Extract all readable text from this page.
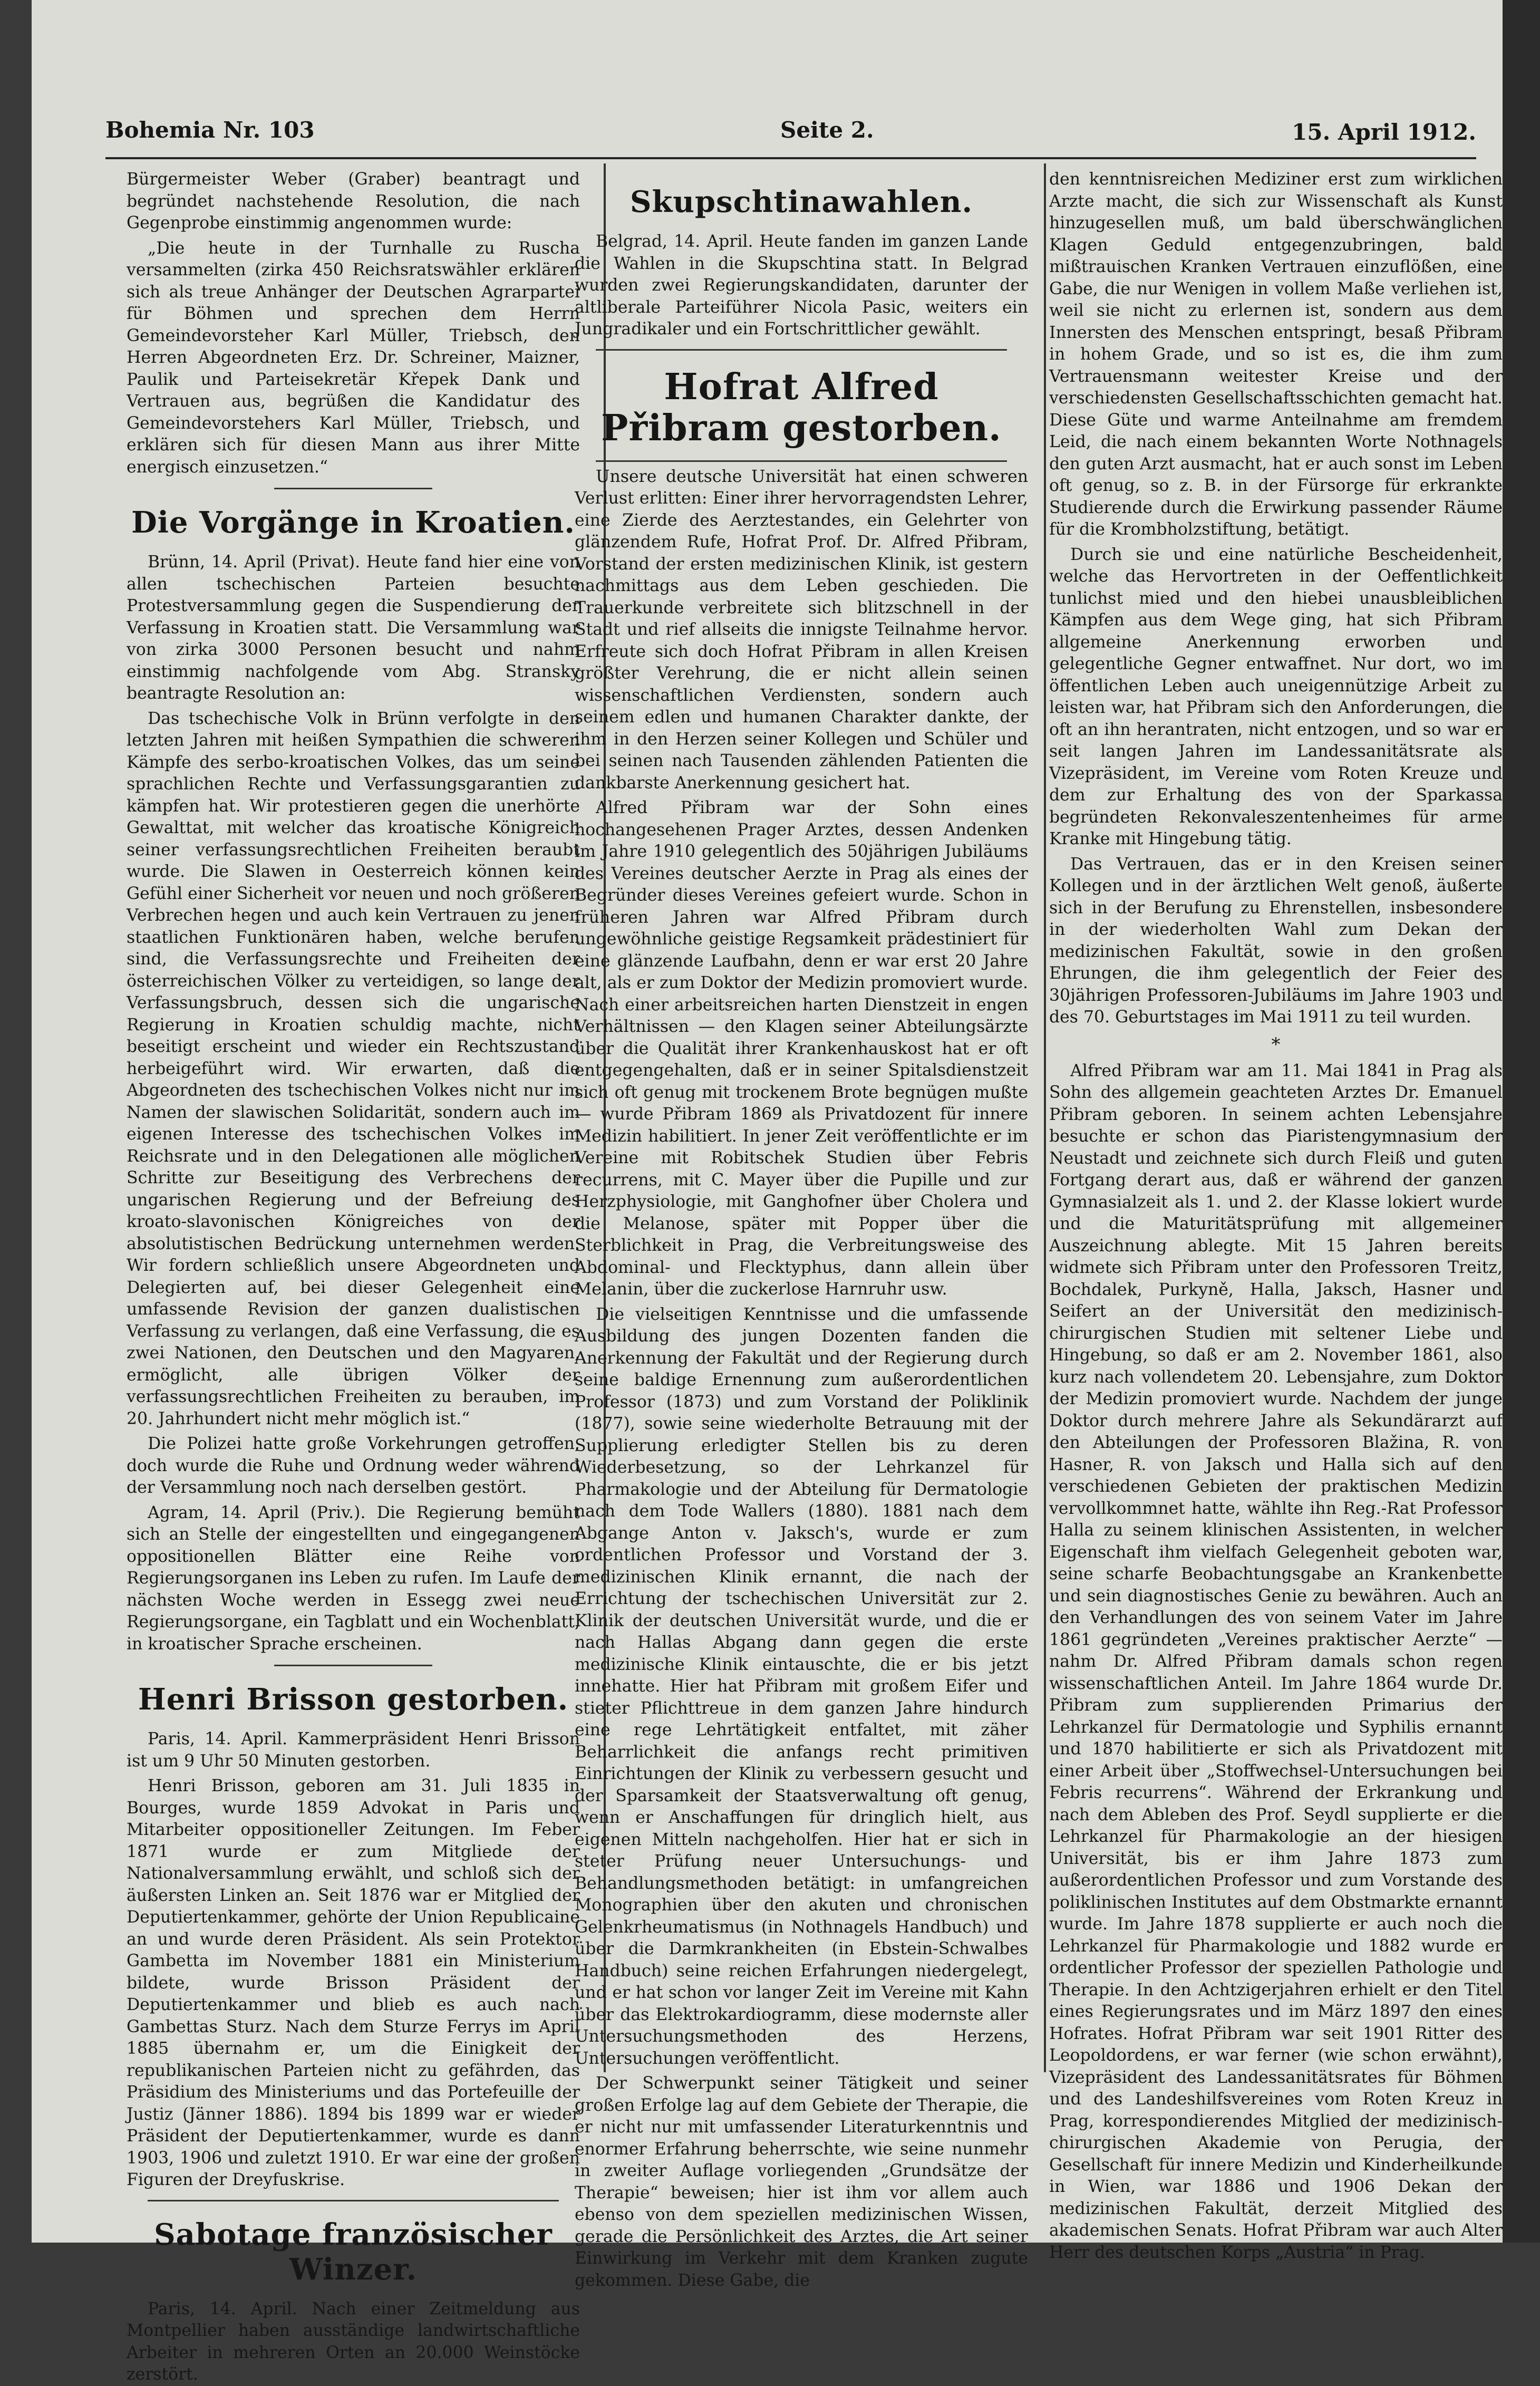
Bohemia Nr. 103	Seite 2.	15. April 1912.

Bürgermeister Weber (Graber) beantragt und begründet nachstehende Resolution, die nach Gegenprobe einstimmig angenommen wurde:

„Die heute in der Turnhalle zu Ruscha versammelten (zirka 450 Reichsratswähler erklären sich als treue Anhänger der Deutschen Agrarpartei für Böhmen und sprechen dem Herrn Gemeindevorsteher Karl Müller, Triebsch, den Herren Abgeordneten Erz. Dr. Schreiner, Maizner, Paulik und Parteisekretär Křepek Dank und Vertrauen aus, begrüßen die Kandidatur des Gemeindevorstehers Karl Müller, Triebsch, und erklären sich für diesen Mann aus ihrer Mitte energisch einzusetzen.“

Die Vorgänge in Kroatien.

Brünn, 14. April (Privat). Heute fand hier eine von allen tschechischen Parteien besuchte Protestversammlung gegen die Suspendierung der Verfassung in Kroatien statt. Die Versammlung war von zirka 3000 Personen besucht und nahm einstimmig nachfolgende vom Abg. Stransky beantragte Resolution an:

Das tschechische Volk in Brünn verfolgte in den letzten Jahren mit heißen Sympathien die schweren Kämpfe des serbo-kroatischen Volkes, das um seine sprachlichen Rechte und Verfassungsgarantien zu kämpfen hat. Wir protestieren gegen die unerhörte Gewalttat, mit welcher das kroatische Königreich seiner verfassungsrechtlichen Freiheiten beraubt wurde. Die Slawen in Oesterreich können kein Gefühl einer Sicherheit vor neuen und noch größeren Verbrechen hegen und auch kein Vertrauen zu jenen staatlichen Funktionären haben, welche berufen sind, die Verfassungsrechte und Freiheiten der österreichischen Völker zu verteidigen, so lange der Verfassungsbruch, dessen sich die ungarische Regierung in Kroatien schuldig machte, nicht beseitigt erscheint und wieder ein Rechtszustand herbeigeführt wird. Wir erwarten, daß die Abgeordneten des tschechischen Volkes nicht nur im Namen der slawischen Solidarität, sondern auch im eigenen Interesse des tschechischen Volkes im Reichsrate und in den Delegationen alle möglichen Schritte zur Beseitigung des Verbrechens der ungarischen Regierung und der Befreiung des kroato-slavonischen Königreiches von der absolutistischen Bedrückung unternehmen werden. Wir fordern schließlich unsere Abgeordneten und Delegierten auf, bei dieser Gelegenheit eine umfassende Revision der ganzen dualistischen Verfassung zu verlangen, daß eine Verfassung, die es zwei Nationen, den Deutschen und den Magyaren, ermöglicht, alle übrigen Völker der verfassungsrechtlichen Freiheiten zu berauben, im 20. Jahrhundert nicht mehr möglich ist.“

Die Polizei hatte große Vorkehrungen getroffen, doch wurde die Ruhe und Ordnung weder während der Versammlung noch nach derselben gestört.

Agram, 14. April (Priv.). Die Regierung bemüht sich an Stelle der eingestellten und eingegangenen oppositionellen Blätter eine Reihe von Regierungsorganen ins Leben zu rufen. Im Laufe der nächsten Woche werden in Essegg zwei neue Regierungsorgane, ein Tagblatt und ein Wochenblatt, in kroatischer Sprache erscheinen.

Henri Brisson gestorben.

Paris, 14. April. Kammerpräsident Henri Brisson ist um 9 Uhr 50 Minuten gestorben.

Henri Brisson, geboren am 31. Juli 1835 in Bourges, wurde 1859 Advokat in Paris und Mitarbeiter oppositioneller Zeitungen. Im Feber 1871 wurde er zum Mitgliede der Nationalversammlung erwählt, und schloß sich der äußersten Linken an. Seit 1876 war er Mitglied der Deputiertenkammer, gehörte der Union Republicaine an und wurde deren Präsident. Als sein Protektor Gambetta im November 1881 ein Ministerium bildete, wurde Brisson Präsident der Deputiertenkammer und blieb es auch nach Gambettas Sturz. Nach dem Sturze Ferrys im April 1885 übernahm er, um die Einigkeit der republikanischen Parteien nicht zu gefährden, das Präsidium des Ministeriums und das Portefeuille der Justiz (Jänner 1886). 1894 bis 1899 war er wieder Präsident der Deputiertenkammer, wurde es dann 1903, 1906 und zuletzt 1910. Er war eine der großen Figuren der Dreyfuskrise.

Sabotage französischer Winzer.

Paris, 14. April. Nach einer Zeitmeldung aus Montpellier haben ausständige landwirtschaftliche Arbeiter in mehreren Orten an 20.000 Weinstöcke zerstört.

Skupschtinawahlen.

Belgrad, 14. April. Heute fanden im ganzen Lande die Wahlen in die Skupschtina statt. In Belgrad wurden zwei Regierungskandidaten, darunter der altliberale Parteiführer Nicola Pasic, weiters ein Jungradikaler und ein Fortschrittlicher gewählt.

Hofrat Alfred Přibram gestorben.

Unsere deutsche Universität hat einen schweren Verlust erlitten: Einer ihrer hervorragendsten Lehrer, eine Zierde des Aerztestandes, ein Gelehrter von glänzendem Rufe, Hofrat Prof. Dr. Alfred Přibram, Vorstand der ersten medizinischen Klinik, ist gestern nachmittags aus dem Leben geschieden. Die Trauerkunde verbreitete sich blitzschnell in der Stadt und rief allseits die innigste Teilnahme hervor. Erfreute sich doch Hofrat Přibram in allen Kreisen größter Verehrung, die er nicht allein seinen wissenschaftlichen Verdiensten, sondern auch seinem edlen und humanen Charakter dankte, der ihm in den Herzen seiner Kollegen und Schüler und bei seinen nach Tausenden zählenden Patienten die dankbarste Anerkennung gesichert hat.

Alfred Přibram war der Sohn eines hochangesehenen Prager Arztes, dessen Andenken im Jahre 1910 gelegentlich des 50jährigen Jubiläums des Vereines deutscher Aerzte in Prag als eines der Begründer dieses Vereines gefeiert wurde. Schon in früheren Jahren war Alfred Přibram durch ungewöhnliche geistige Regsamkeit prädestiniert für eine glänzende Laufbahn, denn er war erst 20 Jahre alt, als er zum Doktor der Medizin promoviert wurde. Nach einer arbeitsreichen harten Dienstzeit in engen Verhältnissen — den Klagen seiner Abteilungsärzte über die Qualität ihrer Krankenhauskost hat er oft entgegengehalten, daß er in seiner Spitalsdienstzeit sich oft genug mit trockenem Brote begnügen mußte — wurde Přibram 1869 als Privatdozent für innere Medizin habilitiert. In jener Zeit veröffentlichte er im Vereine mit Robitschek Studien über Febris recurrens, mit C. Mayer über die Pupille und zur Herzphysiologie, mit Ganghofner über Cholera und die Melanose, später mit Popper über die Sterblichkeit in Prag, die Verbreitungsweise des Abdominal- und Flecktyphus, dann allein über Melanin, über die zuckerlose Harnruhr usw.

Die vielseitigen Kenntnisse und die umfassende Ausbildung des jungen Dozenten fanden die Anerkennung der Fakultät und der Regierung durch seine baldige Ernennung zum außerordentlichen Professor (1873) und zum Vorstand der Poliklinik (1877), sowie seine wiederholte Betrauung mit der Supplierung erledigter Stellen bis zu deren Wiederbesetzung, so der Lehrkanzel für Pharmakologie und der Abteilung für Dermatologie nach dem Tode Wallers (1880). 1881 nach dem Abgange Anton v. Jaksch's, wurde er zum ordentlichen Professor und Vorstand der 3. medizinischen Klinik ernannt, die nach der Errichtung der tschechischen Universität zur 2. Klinik der deutschen Universität wurde, und die er nach Hallas Abgang dann gegen die erste medizinische Klinik eintauschte, die er bis jetzt innehatte. Hier hat Přibram mit großem Eifer und stieter Pflichttreue in dem ganzen Jahre hindurch eine rege Lehrtätigkeit entfaltet, mit zäher Beharrlichkeit die anfangs recht primitiven Einrichtungen der Klinik zu verbessern gesucht und der Sparsamkeit der Staatsverwaltung oft genug, wenn er Anschaffungen für dringlich hielt, aus eigenen Mitteln nachgeholfen. Hier hat er sich in steter Prüfung neuer Untersuchungs- und Behandlungsmethoden betätigt: in umfangreichen Monographien über den akuten und chronischen Gelenkrheumatismus (in Nothnagels Handbuch) und über die Darmkrankheiten (in Ebstein-Schwalbes Handbuch) seine reichen Erfahrungen niedergelegt, und er hat schon vor langer Zeit im Vereine mit Kahn über das Elektrokardiogramm, diese modernste aller Untersuchungsmethoden des Herzens, Untersuchungen veröffentlicht.

Der Schwerpunkt seiner Tätigkeit und seiner großen Erfolge lag auf dem Gebiete der Therapie, die er nicht nur mit umfassender Literaturkenntnis und enormer Erfahrung beherrschte, wie seine nunmehr in zweiter Auflage vorliegenden „Grundsätze der Therapie“ beweisen; hier ist ihm vor allem auch ebenso von dem speziellen medizinischen Wissen, gerade die Persönlichkeit des Arztes, die Art seiner Einwirkung im Verkehr mit dem Kranken zugute gekommen. Diese Gabe, die

den kenntnisreichen Mediziner erst zum wirklichen Arzte macht, die sich zur Wissenschaft als Kunst hinzugesellen muß, um bald überschwänglichen Klagen Geduld entgegenzubringen, bald mißtrauischen Kranken Vertrauen einzuflößen, eine Gabe, die nur Wenigen in vollem Maße verliehen ist, weil sie nicht zu erlernen ist, sondern aus dem Innersten des Menschen entspringt, besaß Přibram in hohem Grade, und so ist es, die ihm zum Vertrauensmann weitester Kreise und der verschiedensten Gesellschaftsschichten gemacht hat. Diese Güte und warme Anteilnahme am fremdem Leid, die nach einem bekannten Worte Nothnagels den guten Arzt ausmacht, hat er auch sonst im Leben oft genug, so z. B. in der Fürsorge für erkrankte Studierende durch die Erwirkung passender Räume für die Krombholzstiftung, betätigt.

Durch sie und eine natürliche Bescheidenheit, welche das Hervortreten in der Oeffentlichkeit tunlichst mied und den hiebei unausbleiblichen Kämpfen aus dem Wege ging, hat sich Přibram allgemeine Anerkennung erworben und gelegentliche Gegner entwaffnet. Nur dort, wo im öffentlichen Leben auch uneigennützige Arbeit zu leisten war, hat Přibram sich den Anforderungen, die oft an ihn herantraten, nicht entzogen, und so war er seit langen Jahren im Landessanitätsrate als Vizepräsident, im Vereine vom Roten Kreuze und dem zur Erhaltung des von der Sparkassa begründeten Rekonvaleszentenheimes für arme Kranke mit Hingebung tätig.

Das Vertrauen, das er in den Kreisen seiner Kollegen und in der ärztlichen Welt genoß, äußerte sich in der Berufung zu Ehrenstellen, insbesondere in der wiederholten Wahl zum Dekan der medizinischen Fakultät, sowie in den großen Ehrungen, die ihm gelegentlich der Feier des 30jährigen Professoren-Jubiläums im Jahre 1903 und des 70. Geburtstages im Mai 1911 zu teil wurden.

*

Alfred Přibram war am 11. Mai 1841 in Prag als Sohn des allgemein geachteten Arztes Dr. Emanuel Přibram geboren. In seinem achten Lebensjahre besuchte er schon das Piaristengymnasium der Neustadt und zeichnete sich durch Fleiß und guten Fortgang derart aus, daß er während der ganzen Gymnasialzeit als 1. und 2. der Klasse lokiert wurde und die Maturitätsprüfung mit allgemeiner Auszeichnung ablegte. Mit 15 Jahren bereits widmete sich Přibram unter den Professoren Treitz, Bochdalek, Purkyně, Halla, Jaksch, Hasner und Seifert an der Universität den medizinisch-chirurgischen Studien mit seltener Liebe und Hingebung, so daß er am 2. November 1861, also kurz nach vollendetem 20. Lebensjahre, zum Doktor der Medizin promoviert wurde. Nachdem der junge Doktor durch mehrere Jahre als Sekundärarzt auf den Abteilungen der Professoren Blažina, R. von Hasner, R. von Jaksch und Halla sich auf den verschiedenen Gebieten der praktischen Medizin vervollkommnet hatte, wählte ihn Reg.-Rat Professor Halla zu seinem klinischen Assistenten, in welcher Eigenschaft ihm vielfach Gelegenheit geboten war, seine scharfe Beobachtungsgabe an Krankenbette und sein diagnostisches Genie zu bewähren. Auch an den Verhandlungen des von seinem Vater im Jahre 1861 gegründeten „Vereines praktischer Aerzte“ — nahm Dr. Alfred Přibram damals schon regen wissenschaftlichen Anteil. Im Jahre 1864 wurde Dr. Přibram zum supplierenden Primarius der Lehrkanzel für Dermatologie und Syphilis ernannt und 1870 habilitierte er sich als Privatdozent mit einer Arbeit über „Stoffwechsel-Untersuchungen bei Febris recurrens“. Während der Erkrankung und nach dem Ableben des Prof. Seydl supplierte er die Lehrkanzel für Pharmakologie an der hiesigen Universität, bis er ihm Jahre 1873 zum außerordentlichen Professor und zum Vorstande des poliklinischen Institutes auf dem Obstmarkte ernannt wurde. Im Jahre 1878 supplierte er auch noch die Lehrkanzel für Pharmakologie und 1882 wurde er ordentlicher Professor der speziellen Pathologie und Therapie. In den Achtzigerjahren erhielt er den Titel eines Regierungsrates und im März 1897 den eines Hofrates. Hofrat Přibram war seit 1901 Ritter des Leopoldordens, er war ferner (wie schon erwähnt), Vizepräsident des Landessanitätsrates für Böhmen und des Landeshilfsvereines vom Roten Kreuz in Prag, korrespondierendes Mitglied der medizinisch-chirurgischen Akademie von Perugia, der Gesellschaft für innere Medizin und Kinderheilkunde in Wien, war 1886 und 1906 Dekan der medizinischen Fakultät, derzeit Mitglied des akademischen Senats. Hofrat Přibram war auch Alter Herr des deutschen Korps „Austria“ in Prag.
